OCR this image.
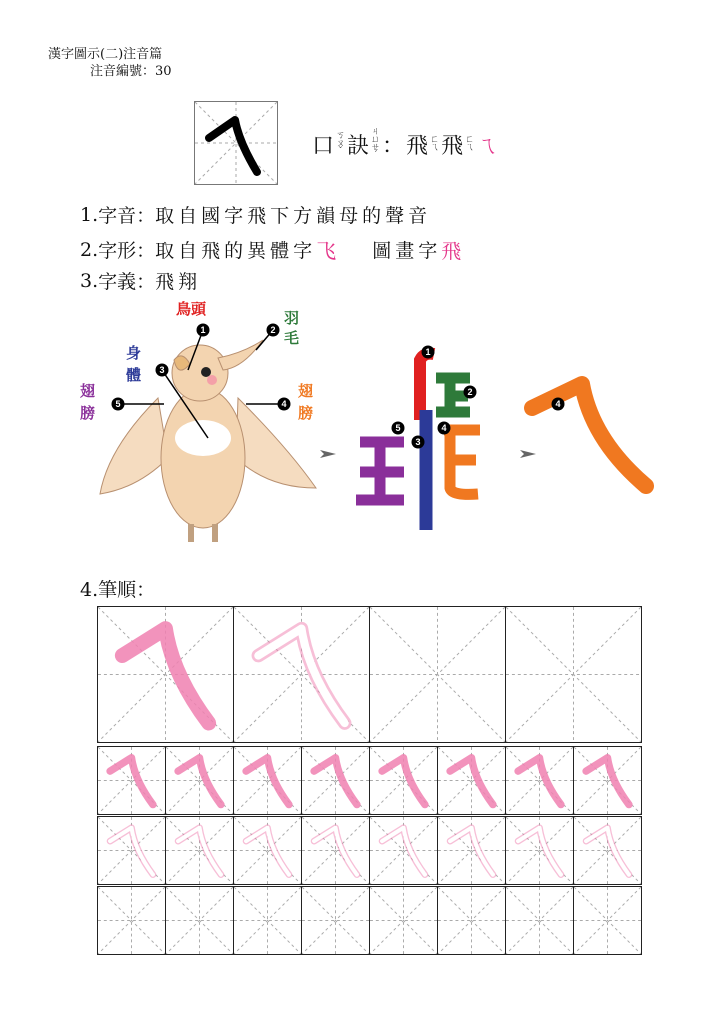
漢字圖示(二)注音篇
注音編號：30
口 ㄎㄡˇ 訣
ㄐㄩㄝˊ ： 飛 ㄈㄟ 飛 ㄈㄟ ㄟ
1. 字音 ： 取自國字飛下方韻母的聲音
2. 字形 ： 取自飛的異體字 飞 圖畫字 飛
3. 字義 ： 飛翔
1	2
3
4
5
鳥頭	羽毛
身體
翅膀
翅膀
1
2
3
4
5
4
4.筆順 ：
